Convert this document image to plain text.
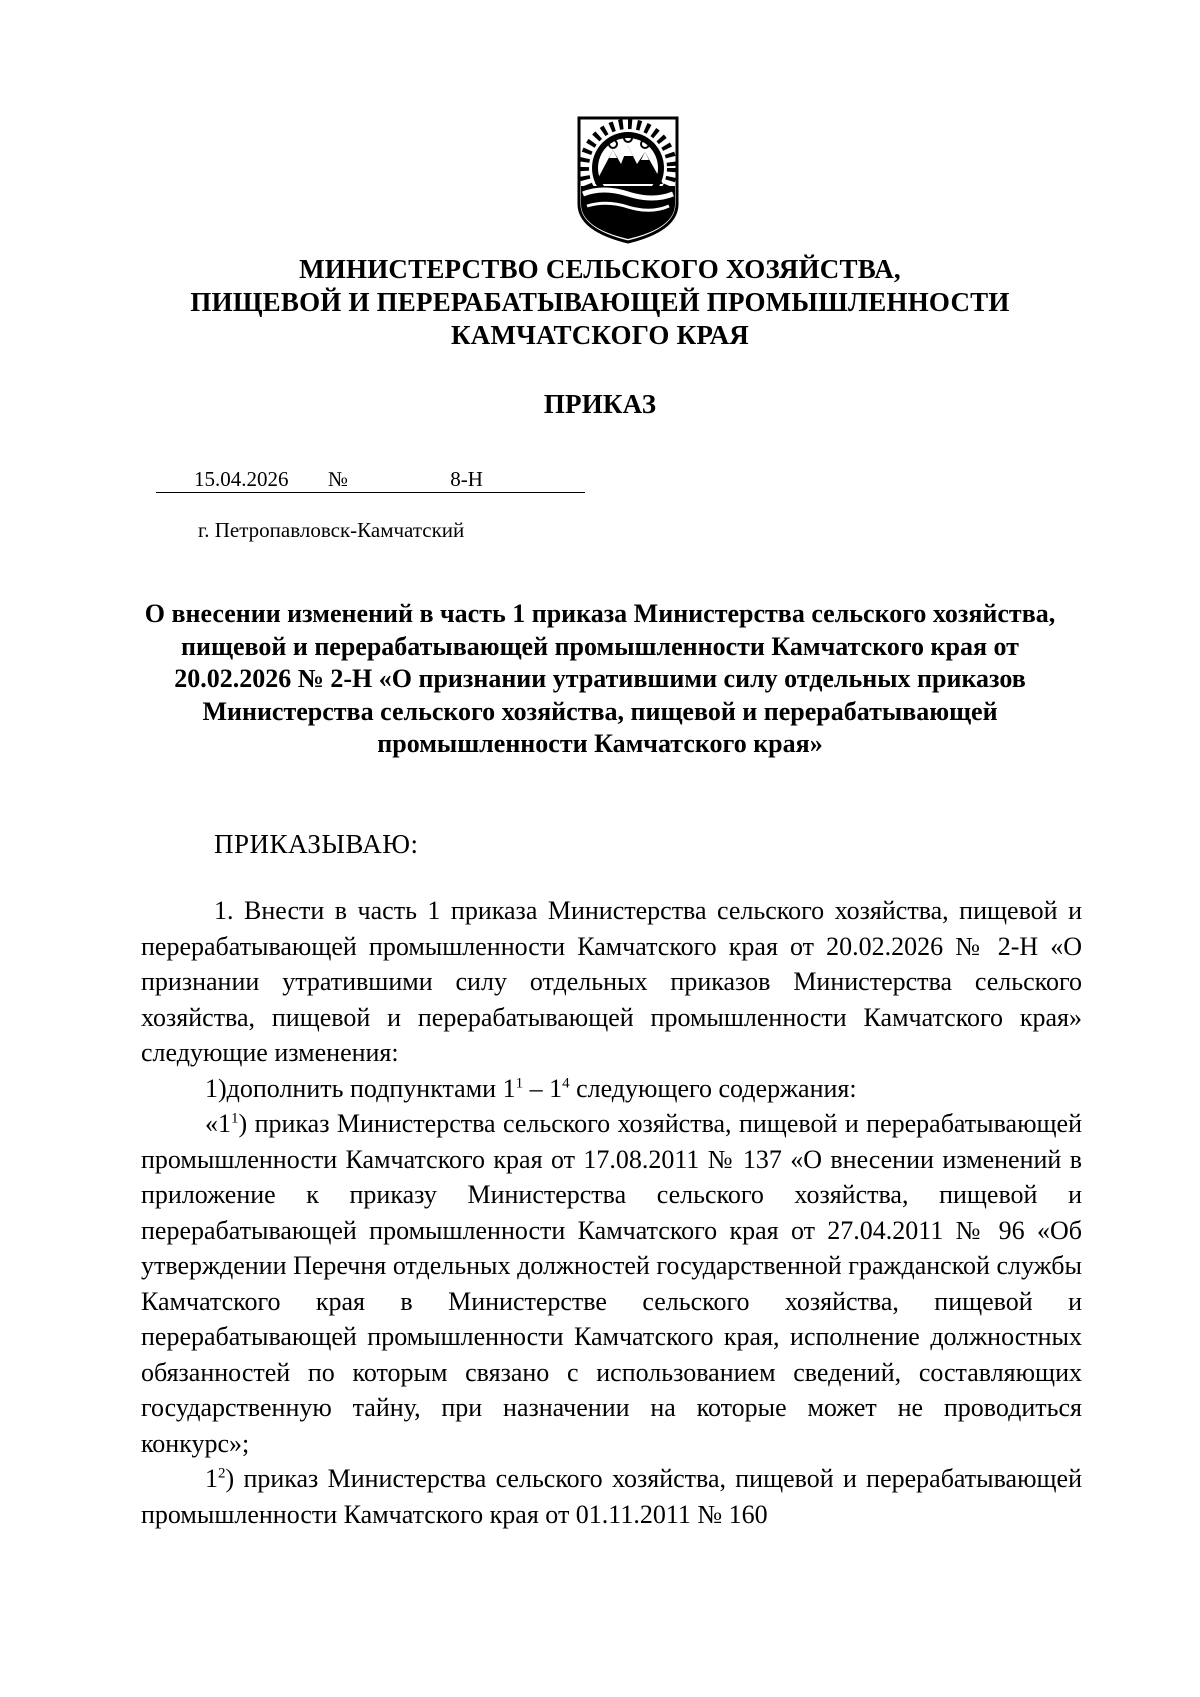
МИНИСТЕРСТВО СЕЛЬСКОГО ХОЗЯЙСТВА,
ПИЩЕВОЙ И ПЕРЕРАБАТЫВАЮЩЕЙ ПРОМЫШЛЕННОСТИ
КАМЧАТСКОГО КРАЯ
ПРИКАЗ
15.04.2026 №	8-Н
г. Петропавловск-Камчатский
О внесении изменений в часть 1 приказа Министерства сельского хозяйства, пищевой и перерабатывающей промышленности Камчатского края от 20.02.2026 № 2-Н «О признании утратившими силу отдельных приказов Министерства сельского хозяйства, пищевой и перерабатывающей промышленности Камчатского края»
ПРИКАЗЫВАЮ:
1. Внести в часть 1 приказа Министерства сельского хозяйства, пищевой и перерабатывающей промышленности Камчатского края от 20.02.2026 № 2-Н «О признании утратившими силу отдельных приказов Министерства сельского хозяйства, пищевой и перерабатывающей промышленности Камчатского края» следующие изменения:
1)дополнить подпунктами $1^1 - 1^4$ следующего содержания:
«$1^1$) приказ Министерства сельского хозяйства, пищевой и перерабатывающей промышленности Камчатского края от 17.08.2011 № 137 «О внесении изменений в приложение к приказу Министерства сельского хозяйства, пищевой и перерабатывающей промышленности Камчатского края от 27.04.2011 № 96 «Об утверждении Перечня отдельных должностей государственной гражданской службы Камчатского края в Министерстве сельского хозяйства, пищевой и перерабатывающей промышленности Камчатского края, исполнение должностных обязанностей по которым связано с использованием сведений, составляющих государственную тайну, при назначении на которые может не проводиться конкурс»;
$1^2$) приказ Министерства сельского хозяйства, пищевой и перерабатывающей промышленности Камчатского края от 01.11.2011 № 160
